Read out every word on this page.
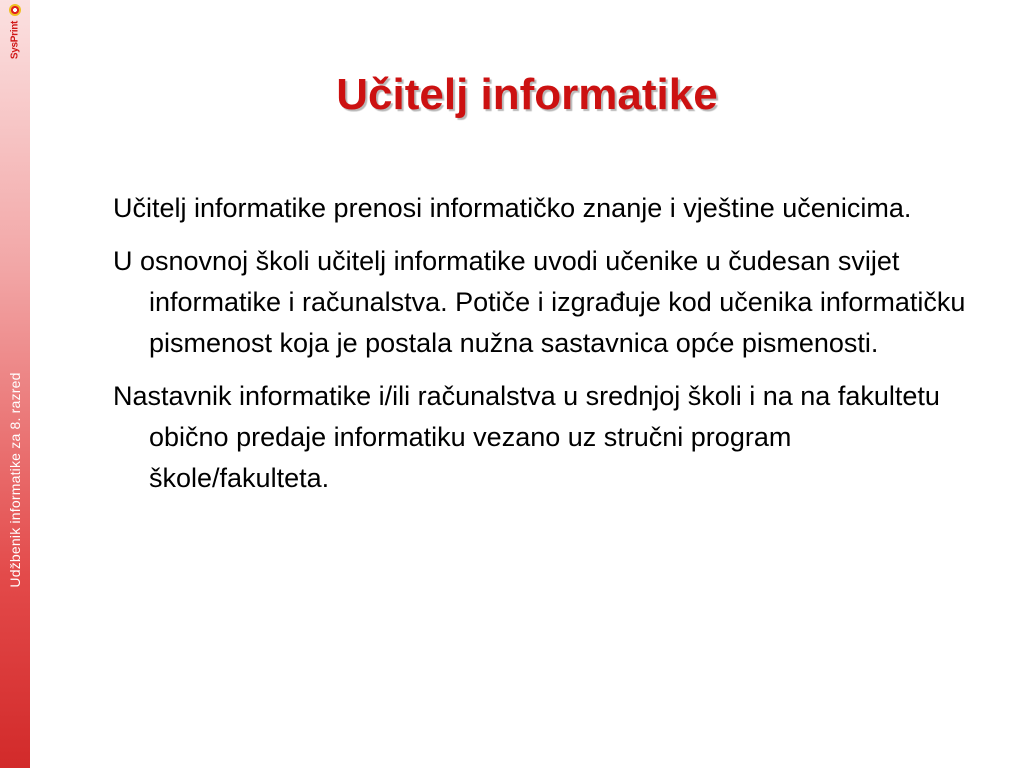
SysPrint
Udžbenik informatike za 8. razred
Učitelj informatike

Učitelj informatike prenosi informatičko znanje i vještine učenicima.

U osnovnoj školi učitelj informatike uvodi učenike u čudesan svijet informatike i računalstva. Potiče i izgrađuje kod učenika informatičku pismenost koja je postala nužna sastavnica opće pismenosti.

Nastavnik informatike i/ili računalstva u srednjoj školi i na na fakultetu obično predaje informatiku vezano uz stručni program škole/fakulteta.
